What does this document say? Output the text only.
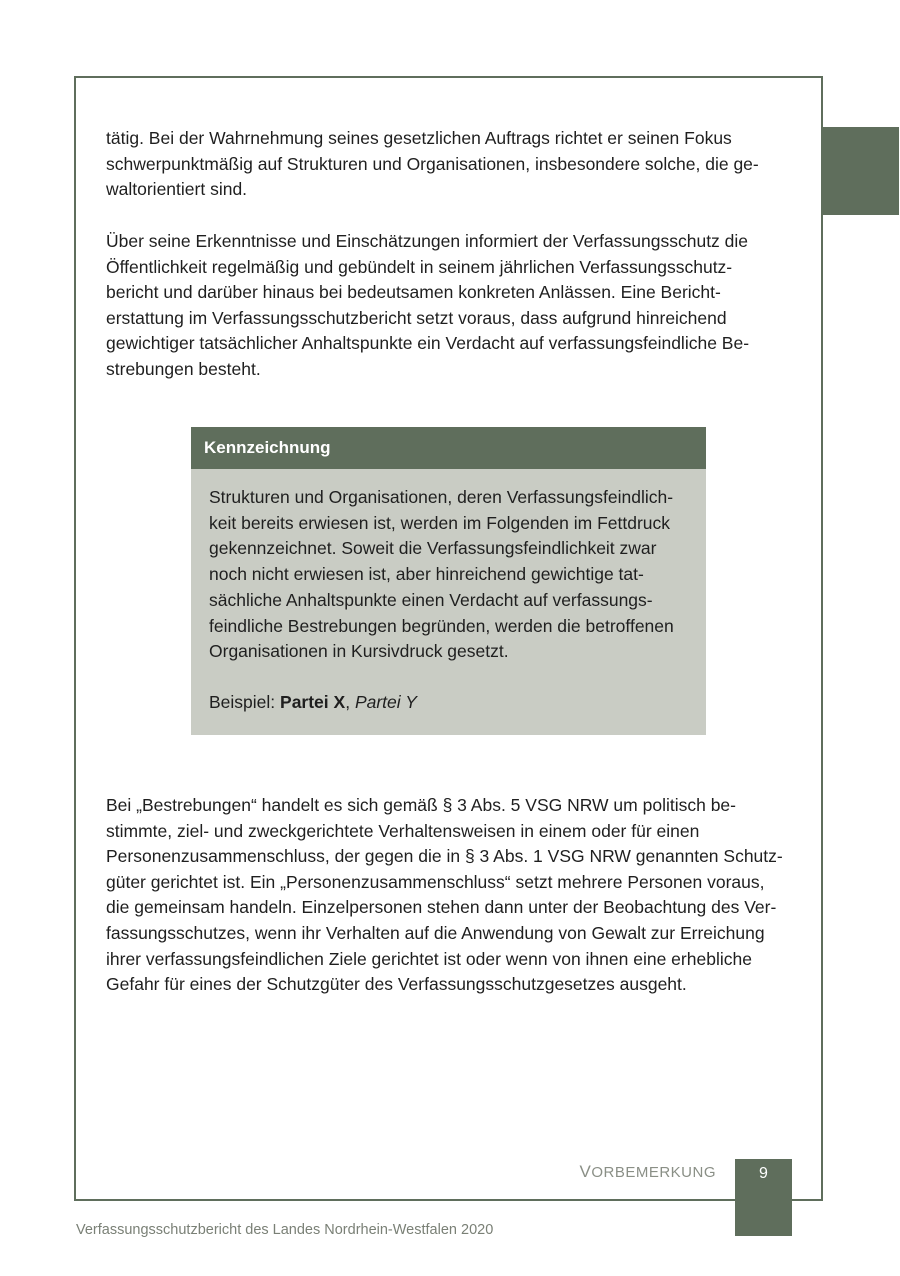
tätig. Bei der Wahrnehmung seines gesetzlichen Auftrags richtet er seinen Fokus
schwerpunktmäßig auf Strukturen und Organisationen, insbesondere solche, die ge-
waltorientiert sind.

Über seine Erkenntnisse und Einschätzungen informiert der Verfassungsschutz die
Öffentlichkeit regelmäßig und gebündelt in seinem jährlichen Verfassungsschutz-
bericht und darüber hinaus bei bedeutsamen konkreten Anlässen. Eine Bericht-
erstattung im Verfassungsschutzbericht setzt voraus, dass aufgrund hinreichend
gewichtiger tatsächlicher Anhaltspunkte ein Verdacht auf verfassungsfeindliche Be-
strebungen besteht.

Kennzeichnung
Strukturen und Organisationen, deren Verfassungsfeindlich-
keit bereits erwiesen ist, werden im Folgenden im Fettdruck
gekennzeichnet. Soweit die Verfassungsfeindlichkeit zwar
noch nicht erwiesen ist, aber hinreichend gewichtige tat-
sächliche Anhaltspunkte einen Verdacht auf verfassungs-
feindliche Bestrebungen begründen, werden die betroffenen
Organisationen in Kursivdruck gesetzt.
Beispiel: Partei X, Partei Y

Bei „Bestrebungen“ handelt es sich gemäß § 3 Abs. 5 VSG NRW um politisch be-
stimmte, ziel- und zweckgerichtete Verhaltensweisen in einem oder für einen
Personenzusammenschluss, der gegen die in § 3 Abs. 1 VSG NRW genannten Schutz-
güter gerichtet ist. Ein „Personenzusammenschluss“ setzt mehrere Personen voraus,
die gemeinsam handeln. Einzelpersonen stehen dann unter der Beobachtung des Ver-
fassungsschutzes, wenn ihr Verhalten auf die Anwendung von Gewalt zur Erreichung
ihrer verfassungsfeindlichen Ziele gerichtet ist oder wenn von ihnen eine erhebliche
Gefahr für eines der Schutzgüter des Verfassungsschutzgesetzes ausgeht.

VORBEMERKUNG	9
Verfassungsschutzbericht des Landes Nordrhein-Westfalen 2020
